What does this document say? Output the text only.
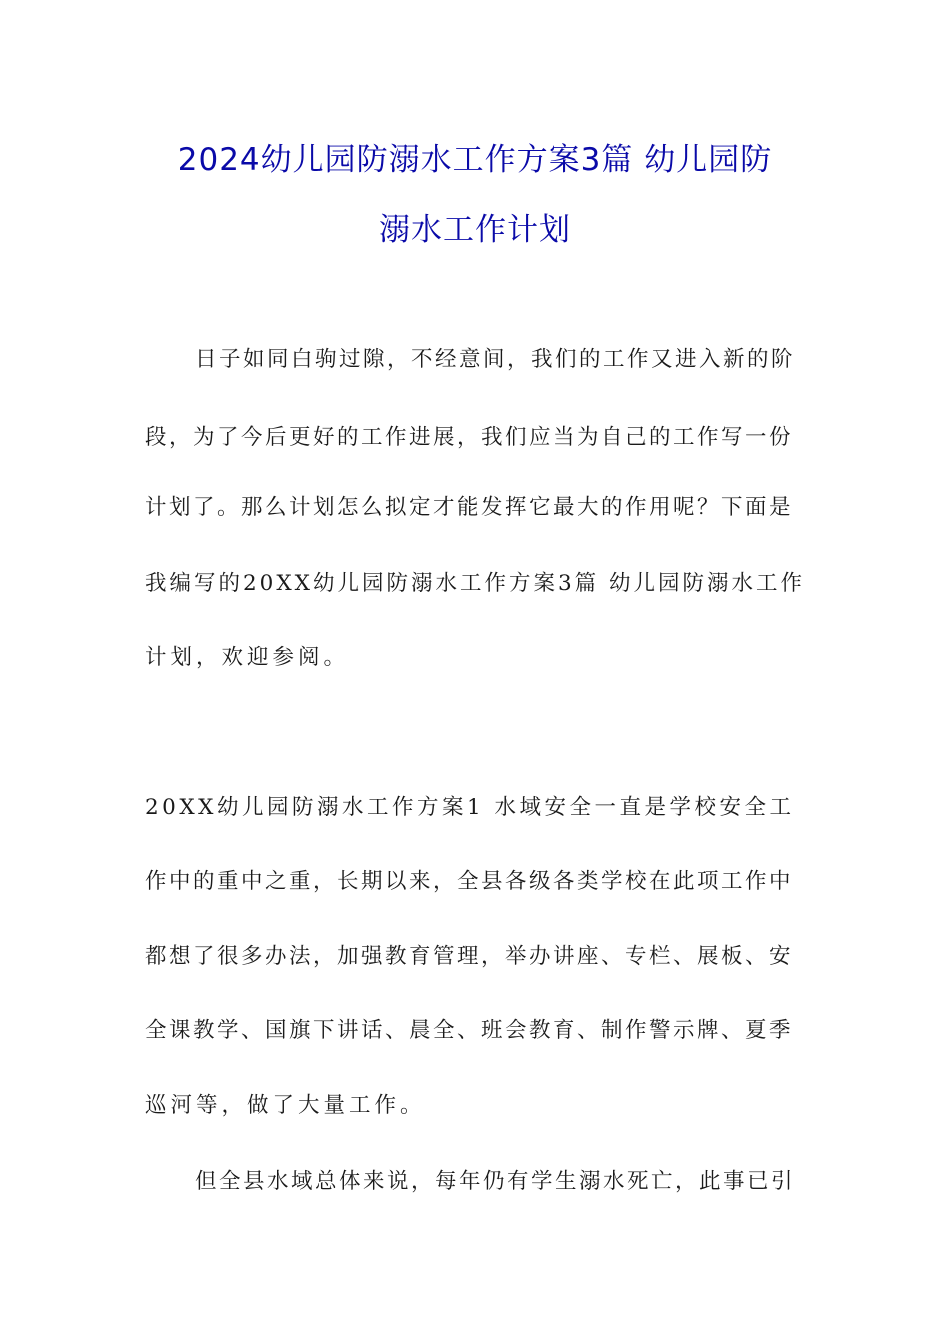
2024幼儿园防溺水工作方案3篇 幼儿园防
溺水工作计划

日子如同白驹过隙，不经意间，我们的工作又进入新的阶

段，为了今后更好的工作进展，我们应当为自己的工作写一份

计划了。那么计划怎么拟定才能发挥它最大的作用呢？下面是

我编写的20XX幼儿园防溺水工作方案3篇 幼儿园防溺水工作

计划，欢迎参阅。

20XX幼儿园防溺水工作方案1 水域安全一直是学校安全工

作中的重中之重，长期以来，全县各级各类学校在此项工作中

都想了很多办法，加强教育管理，举办讲座、专栏、展板、安

全课教学、国旗下讲话、晨全、班会教育、制作警示牌、夏季

巡河等，做了大量工作。

但全县水域总体来说，每年仍有学生溺水死亡，此事已引
